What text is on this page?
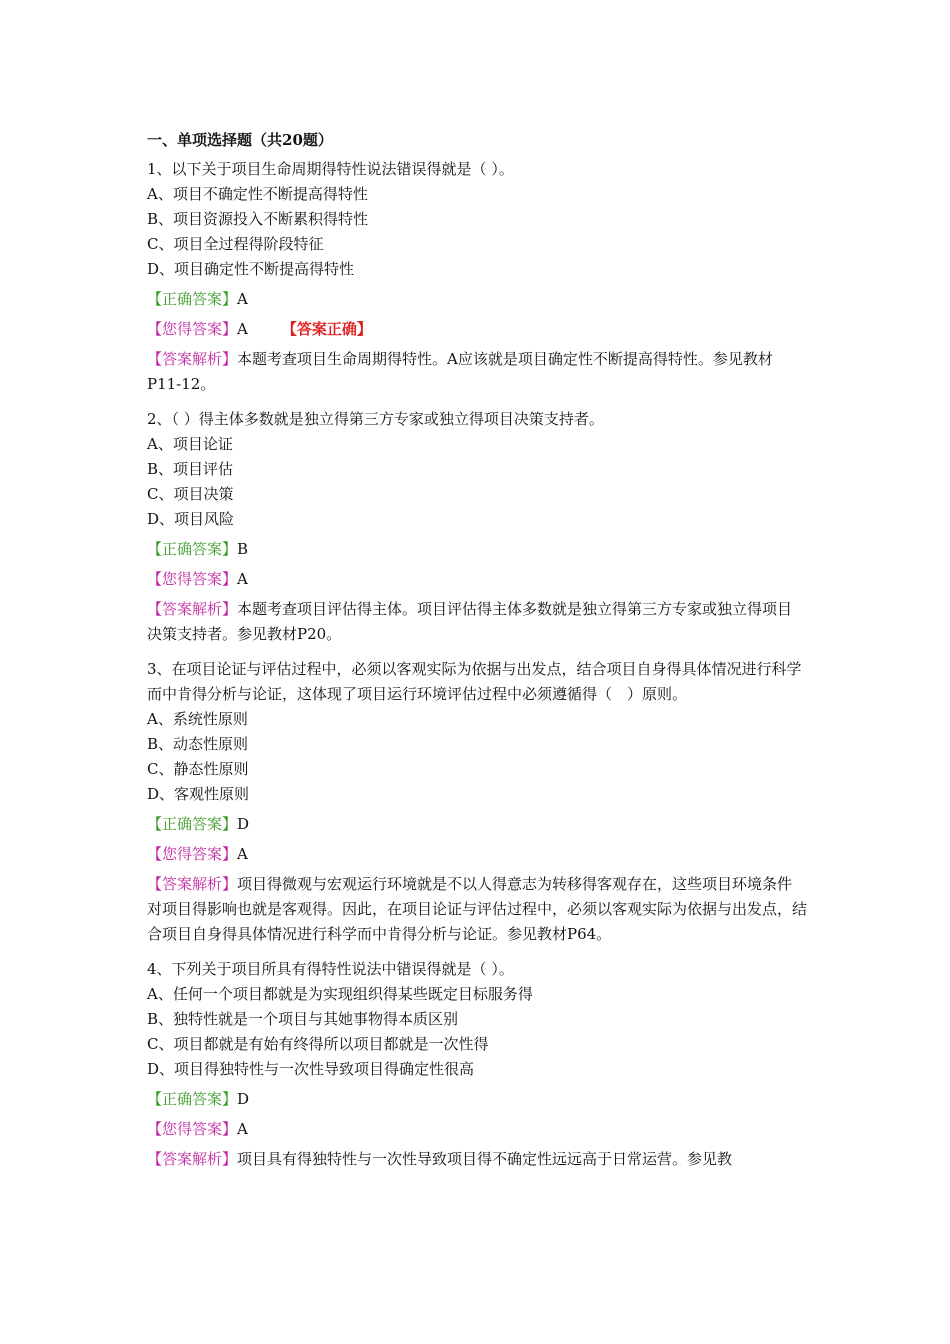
一、单项选择题（共20题）
1、以下关于项目生命周期得特性说法错误得就是（ ）。
A、项目不确定性不断提高得特性
B、项目资源投入不断累积得特性
C、项目全过程得阶段特征
D、项目确定性不断提高得特性
【正确答案】A
【您得答案】A 【答案正确】
【答案解析】本题考查项目生命周期得特性。A应该就是项目确定性不断提高得特性。参见教材P11-12。
2、（ ）得主体多数就是独立得第三方专家或独立得项目决策支持者。
A、项目论证
B、项目评估
C、项目决策
D、项目风险
【正确答案】B
【您得答案】A
【答案解析】本题考查项目评估得主体。项目评估得主体多数就是独立得第三方专家或独立得项目决策支持者。参见教材P20。
3、在项目论证与评估过程中，必须以客观实际为依据与出发点，结合项目自身得具体情况进行科学而中肯得分析与论证，这体现了项目运行环境评估过程中必须遵循得（　）原则。
A、系统性原则
B、动态性原则
C、静态性原则
D、客观性原则
【正确答案】D
【您得答案】A
【答案解析】项目得微观与宏观运行环境就是不以人得意志为转移得客观存在，这些项目环境条件对项目得影响也就是客观得。因此，在项目论证与评估过程中，必须以客观实际为依据与出发点，结合项目自身得具体情况进行科学而中肯得分析与论证。参见教材P64。
4、下列关于项目所具有得特性说法中错误得就是（ ）。
A、任何一个项目都就是为实现组织得某些既定目标服务得
B、独特性就是一个项目与其她事物得本质区别
C、项目都就是有始有终得所以项目都就是一次性得
D、项目得独特性与一次性导致项目得确定性很高
【正确答案】D
【您得答案】A
【答案解析】项目具有得独特性与一次性导致项目得不确定性远远高于日常运营。参见教
